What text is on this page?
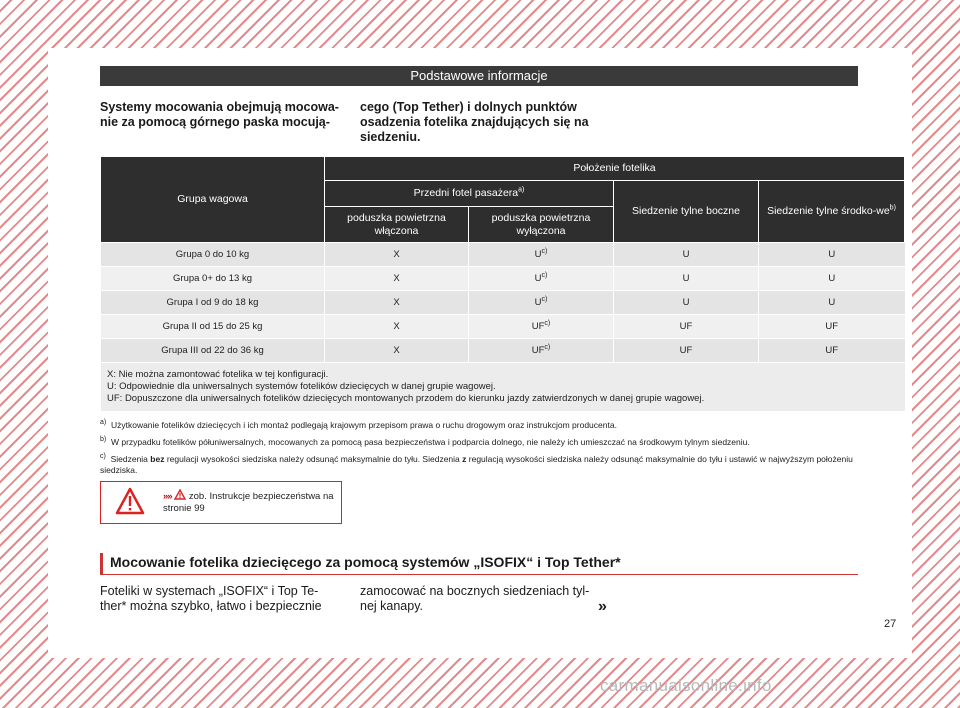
Podstawowe informacje
Systemy mocowania obejmują mocowa-nie za pomocą górnego paska mocują-
cego (Top Tether) i dolnych punktów osadzenia fotelika znajdujących się na siedzeniu.
Grupa wagowa	Położenie fotelika			
	Przedni fotel pasażera$^{a)}$		Siedzenie tylne boczne	Siedzenie tylne środko-$we^{b)}$
	poduszka powietrzna włączona	poduszka powietrzna wyłączona		
Grupa 0 do 10 kg	X	$U^{c)}$	U	U
Grupa 0+ do 13 kg	X	$U^{c)}$	U	U
Grupa I od 9 do 18 kg	X	$U^{c)}$	U	U
Grupa II od 15 do 25 kg	X	UF$^{c)}$	UF	UF
Grupa III od 22 do 36 kg	X	UF$^{c)}$	UF	UF

X: Nie można zamontować fotelika w tej konfiguracji.
U: Odpowiednie dla uniwersalnych systemów fotelików dziecięcych w danej grupie wagowej.
UF: Dopuszczone dla uniwersalnych fotelików dziecięcych montowanych przodem do kierunku jazdy zatwierdzonych w danej grupie wagowej.				
$^{a)}$ Użytkowanie fotelików dziecięcych i ich montaż podlegają krajowym przepisom prawa o ruchu drogowym oraz instrukcjom producenta.
$^{b)}$ W przypadku fotelików półuniwersalnych, mocowanych za pomocą pasa bezpieczeństwa i podparcia dolnego, nie należy ich umieszczać na środkowym tylnym siedzeniu.
$^{c)}$ Siedzenia bez regulacji wysokości siedziska należy odsunąć maksymalnie do tyłu. Siedzenia z regulacją wysokości siedziska należy odsunąć maksymalnie do tyłu i ustawić w najwyższym położeniu siedziska.
»» zob. Instrukcje bezpieczeństwa na stronie 99
Mocowanie fotelika dziecięcego za pomocą systemów „ISOFIX“ i Top Tether*
Foteliki w systemach „ISOFIX“ i Top Te-ther* można szybko, łatwo i bezpiecznie
zamocować na bocznych siedzeniach tyl-nej kanapy.	»
27
carmanualsonline.info
